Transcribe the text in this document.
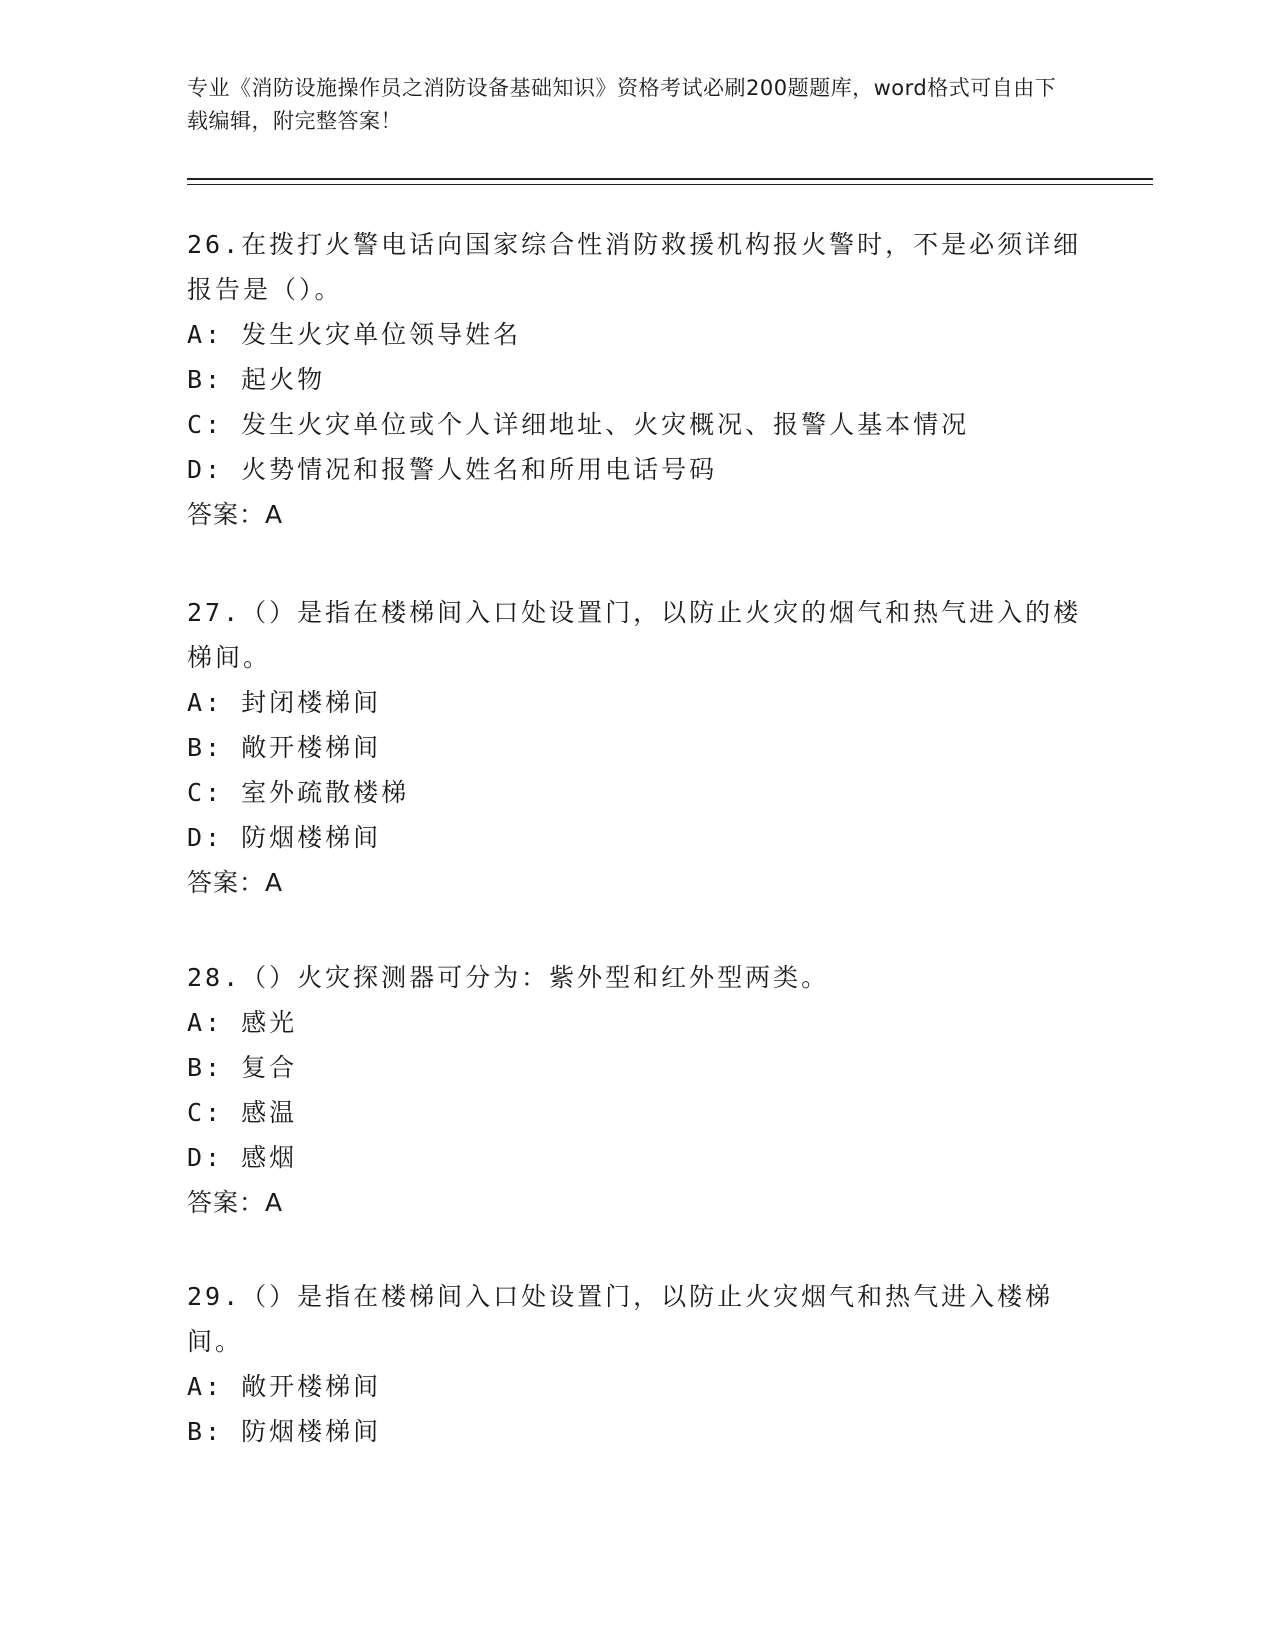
专业《消防设施操作员之消防设备基础知识》资格考试必刷200题题库，word格式可自由下载编辑，附完整答案！

26.在拨打火警电话向国家综合性消防救援机构报火警时，不是必须详细报告是（）。

A: 发生火灾单位领导姓名

B: 起火物

C: 发生火灾单位或个人详细地址、火灾概况、报警人基本情况

D: 火势情况和报警人姓名和所用电话号码

答案：A

27.（）是指在楼梯间入口处设置门，以防止火灾的烟气和热气进入的楼梯间。

A: 封闭楼梯间

B: 敞开楼梯间

C: 室外疏散楼梯

D: 防烟楼梯间

答案：A

28.（）火灾探测器可分为：紫外型和红外型两类。

A: 感光

B: 复合

C: 感温

D: 感烟

答案：A

29.（）是指在楼梯间入口处设置门，以防止火灾烟气和热气进入楼梯间。

A: 敞开楼梯间

B: 防烟楼梯间
